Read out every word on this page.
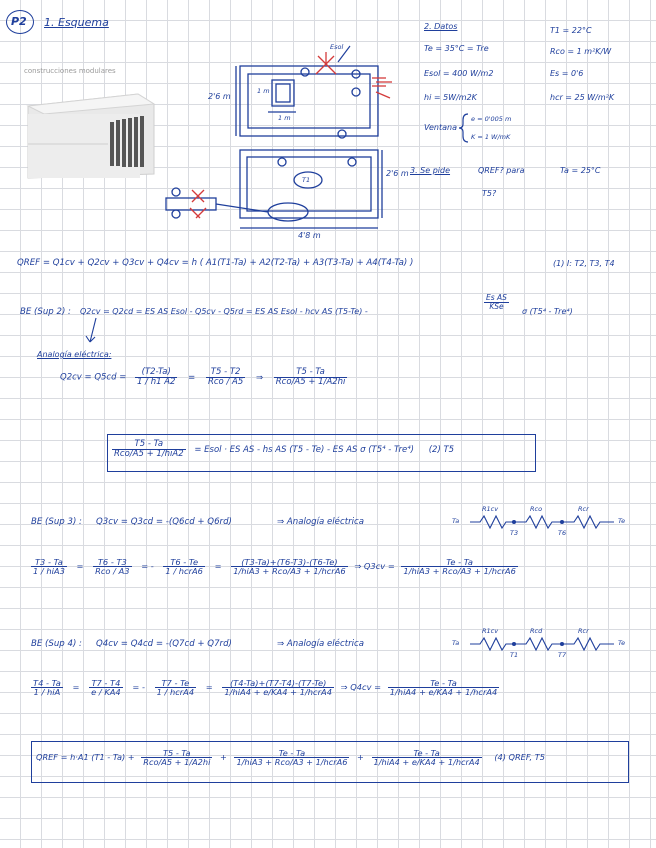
P2 1. Esquema
construcciones modulares
2'6 m
2'6 m
4'8 m
1 m
1 m
Esol
T1
2. Datos
Te = 35°C = Tre
Esol = 400 W/m2
hi = 5W/m2K
Ventana
e = 0'005 m
K = 1 W/mK
T1 = 22°C
Rco = 1 m²K/W
Es = 0'6
hcr = 25 W/m²K
3. Se pide	QREF? para	Ta = 25°C
T5?
QREF = Q1cv + Q2cv + Q3cv + Q4cv = h ( A1(T1-Ta) + A2(T2-Ta) + A3(T3-Ta) + A4(T4-Ta) )	(1) I: T2, T3, T4
BE (Sup 2) : Q2cv = Q2cd = ES AS Esol - Q5cv - Q5rd = ES AS Esol - hcv AS (T5-Te) -
$\frac{\text{Es AS}}{\text{KSe}}$
σ (T5⁴ - Tre⁴)
Analogía eléctrica:
$Q2cv = Q5cd = \frac{(T2-Ta)}{1 / h1 A2} = \frac{T5 - T2}{\text{Rco / A5}}$ ⇒ $\frac{T5 - Ta}{\text{Rco/A5 + 1/A2hi}}$
$\frac{T5 - Ta}{\text{Rco/A5 + 1/hiA2}}$ = Esol · ES AS - hs AS (T5 - Te) - ES AS σ (T5⁴ - Tre⁴) (2) T5
BE (Sup 3) : Q3cv = Q3cd = -(Q6cd + Q6rd)	⇒ Analogía eléctrica	Ta
R1cv	Rco	Rcr
Te
T3	T6
$\frac{T3 - Ta}{\text{1 / hiA3}} = \frac{T6 - T3}{\text{Rco / A3}}$ = - $\frac{T6 - Te}{\text{1 / hcrA6}} = \frac{(T3-Ta)+(T6-T3)-(T6-Te)}{\text{1/hiA3 + Rco/A3 + 1/hcrA6}}$ ⇒ $Q3cv = \frac{Te - Ta}{\text{1/hiA3 + Rco/A3 + 1/hcrA6}}$
BE (Sup 4) : Q4cv = Q4cd = -(Q7cd + Q7rd)	⇒ Analogía eléctrica	Ta
R1cv	Rcd	Rcr
Te
T1	T7
$\frac{T4 - Ta}{\text{1 / hiA}} = \frac{T7 - T4}{e / KA4}$ = - $\frac{T7 - Te}{\text{1 / hcrA4}} = \frac{(T4-Ta)+(T7-T4)-(T7-Te)}{\text{1/hiA4 + e/KA4 + 1/hcrA4}}$ ⇒ $Q4cv = \frac{Te - Ta}{\text{1/hiA4 + e/KA4 + 1/hcrA4}}$
QREF = h·A1 $(T1 - Ta) + \frac{T5 - Ta}{\text{Rco/A5 + 1/A2hi}} + \frac{Te - Ta}{\text{1/hiA3 + Rco/A3 + 1/hcrA6}} + \frac{Te - Ta}{\text{1/hiA4 + e/KA4 + 1/hcrA4}} (4)$ QREF, T5
